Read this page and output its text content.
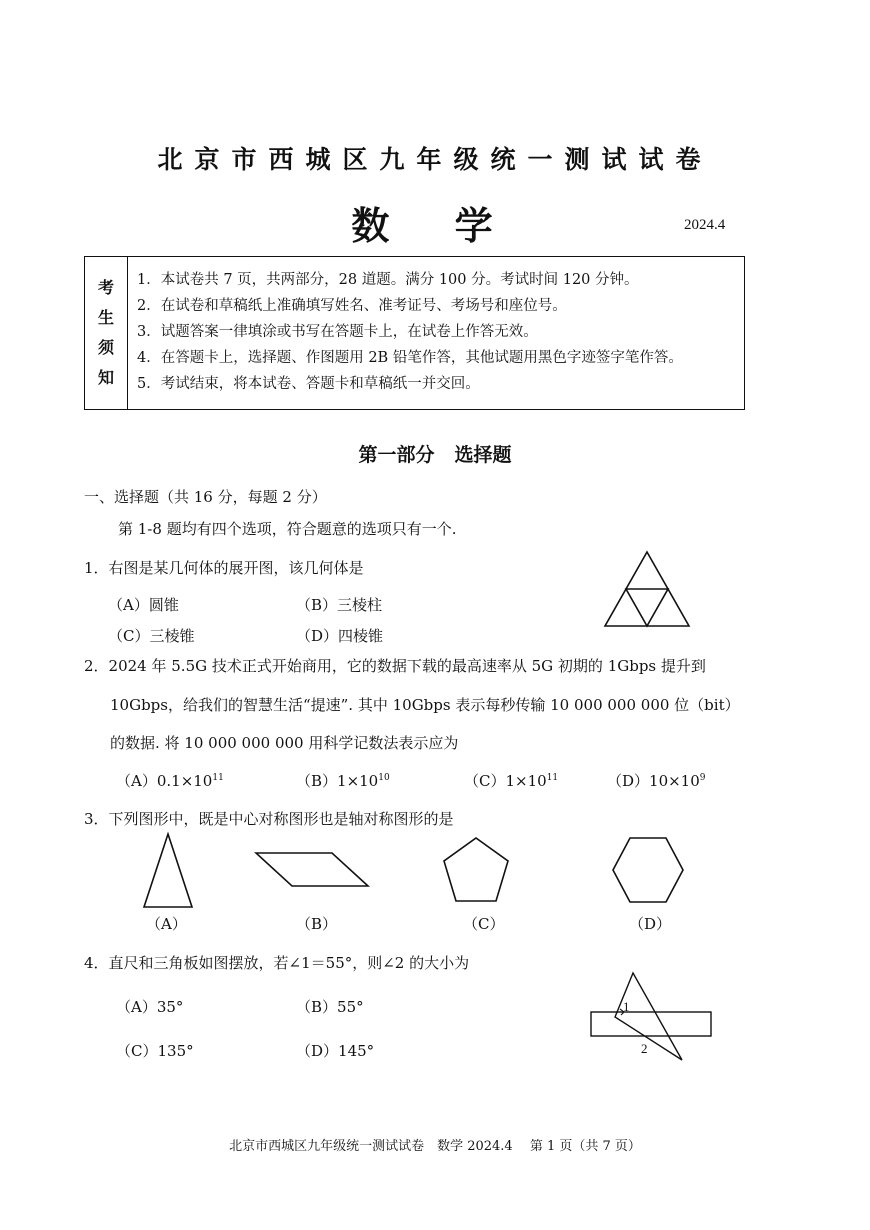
北京市西城区九年级统一测试试卷
数 学	2024.4
考
生
须
知
1．本试卷共 7 页，共两部分，28 道题。满分 100 分。考试时间 120 分钟。
2．在试卷和草稿纸上准确填写姓名、准考证号、考场号和座位号。
3．试题答案一律填涂或书写在答题卡上，在试卷上作答无效。
4．在答题卡上，选择题、作图题用 2B 铅笔作答，其他试题用黑色字迹签字笔作答。
5．考试结束，将本试卷、答题卡和草稿纸一并交回。
第一部分 选择题
一、选择题（共 16 分，每题 2 分）
第 1-8 题均有四个选项，符合题意的选项只有一个.
1．右图是某几何体的展开图，该几何体是
（A）圆锥	（B）三棱柱
（C）三棱锥	（D）四棱锥
2．2024 年 5.5G 技术正式开始商用，它的数据下载的最高速率从 5G 初期的 1Gbps 提升到
10Gbps，给我们的智慧生活“提速”. 其中 10Gbps 表示每秒传输 10 000 000 000 位（bit）
的数据. 将 10 000 000 000 用科学记数法表示应为
$(A)0.1\times 10^{11}$	$(B)1\times 10^{10}$	$(C)1\times 10^{11}$	$(D)10\times 10^9$
3．下列图形中，既是中心对称图形也是轴对称图形的是
（A）	（B）	（C）	（D）
4．直尺和三角板如图摆放，若∠1＝55°，则∠2 的大小为
（A）35°	（B）55°
（C）135°	（D）145°
1
2
北京市西城区九年级统一测试试卷　数学 2024.4　 第 1 页（共 7 页）
